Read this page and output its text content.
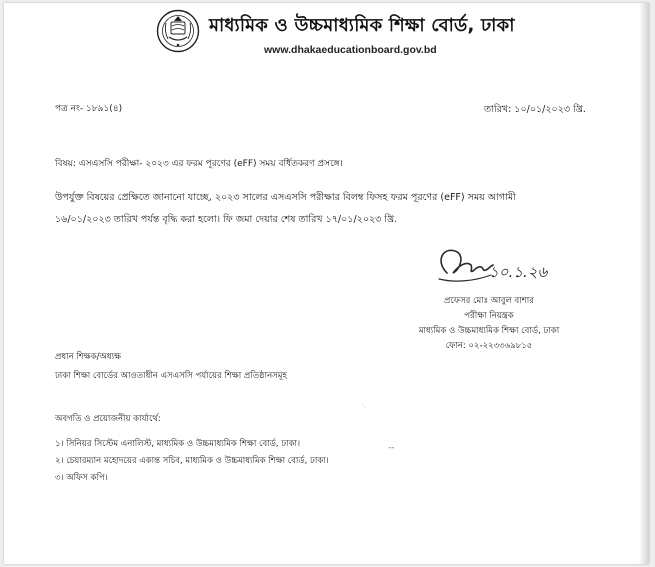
মাধ্যমিক ও উচ্চমাধ্যমিক শিক্ষা বোর্ড, ঢাকা
www.dhakaeducationboard.gov.bd
পত্র নং- ১৮৯১(৪)	তারিখ: ১০/০১/২০২৩ খ্রি.
বিষয়: এসএসসি পরীক্ষা- ২০২৩ এর ফরম পূরণের (eFF) সময় বর্ধিতকরণ প্রসঙ্গে।
উপর্যুক্ত বিষয়ের প্রেক্ষিতে জানানো যাচ্ছে, ২০২৩ সালের এসএসসি পরীক্ষার বিলম্ব ফিসহ ফরম পূরণের (eFF) সময় আগামী
১৬/০১/২০২৩ তারিখ পর্যন্ত বৃদ্ধি করা হলো। ফি জমা দেয়ার শেষ তারিখ ১৭/০১/২০২৩ খ্রি.
১০.১.২৬
প্রফেসর মোঃ আবুল বাশার
পরীক্ষা নিয়ন্ত্রক
মাধ্যমিক ও উচ্চমাধ্যমিক শিক্ষা বোর্ড, ঢাকা
ফোন: ০২-২২৩৩৬৯৮১৫
প্রধান শিক্ষক/অধ্যক্ষ
ঢাকা শিক্ষা বোর্ডের আওতাধীন এসএসসি পর্যায়ের শিক্ষা প্রতিষ্ঠানসমূহ
'.
অবগতি ও প্রয়োজনীয় কার্যার্থে:
১। সিনিয়র সিস্টেম এনালিস্ট, মাধ্যমিক ও উচ্চমাধ্যমিক শিক্ষা বোর্ড, ঢাকা।
২। চেয়ারম্যান মহোদয়ের একান্ত সচিব, মাধ্যমিক ও উচ্চমাধ্যমিক শিক্ষা বোর্ড, ঢাকা।
৩। অফিস কপি।
--
